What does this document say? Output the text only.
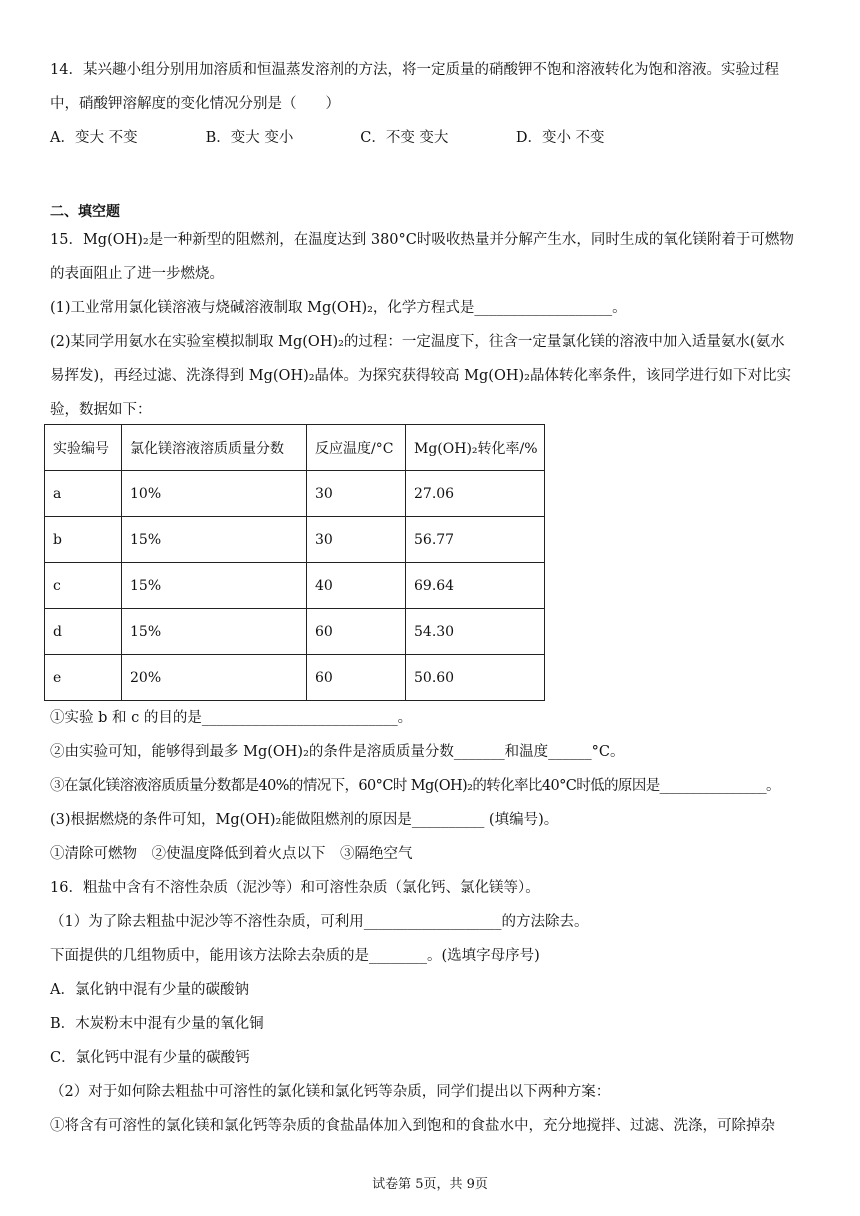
14．某兴趣小组分别用加溶质和恒温蒸发溶剂的方法，将一定质量的硝酸钾不饱和溶液转化为饱和溶液。实验过程
中，硝酸钾溶解度的变化情况分别是（　　）
A．变大 不变	B．变大 变小	C．不变 变大	D．变小 不变
二、填空题
15．Mg(OH)₂是一种新型的阻燃剂，在温度达到 380°C时吸收热量并分解产生水，同时生成的氧化镁附着于可燃物
的表面阻止了进一步燃烧。
(1)工业常用氯化镁溶液与烧碱溶液制取 Mg(OH)₂，化学方程式是___________________。
(2)某同学用氨水在实验室模拟制取 Mg(OH)₂的过程：一定温度下，往含一定量氯化镁的溶液中加入适量氨水(氨水
易挥发)，再经过滤、洗涤得到 Mg(OH)₂晶体。为探究获得较高 Mg(OH)₂晶体转化率条件，该同学进行如下对比实
验，数据如下：
实验编号	氯化镁溶液溶质质量分数	反应温度/°C	Mg(OH)₂转化率/%
a	10%	30	27.06
b	15%	30	56.77
c	15%	40	69.64
d	15%	60	54.30
e	20%	60	50.60
①实验 b 和 c 的目的是___________________________。
②由实验可知，能够得到最多 Mg(OH)₂的条件是溶质质量分数_______和温度______°C。
③在氯化镁溶液溶质质量分数都是40%的情况下，60°C时 Mg(OH)₂的转化率比40°C时低的原因是________________。
(3)根据燃烧的条件可知，Mg(OH)₂能做阻燃剂的原因是__________ (填编号)。
①清除可燃物　②使温度降低到着火点以下　③隔绝空气
16．粗盐中含有不溶性杂质（泥沙等）和可溶性杂质（氯化钙、氯化镁等）。
（1）为了除去粗盐中泥沙等不溶性杂质，可利用___________________的方法除去。
下面提供的几组物质中，能用该方法除去杂质的是________。(选填字母序号)
A．氯化钠中混有少量的碳酸钠
B．木炭粉末中混有少量的氧化铜
C．氯化钙中混有少量的碳酸钙
（2）对于如何除去粗盐中可溶性的氯化镁和氯化钙等杂质，同学们提出以下两种方案：
①将含有可溶性的氯化镁和氯化钙等杂质的食盐晶体加入到饱和的食盐水中，充分地搅拌、过滤、洗涤，可除掉杂
试卷第 5页，共 9页
